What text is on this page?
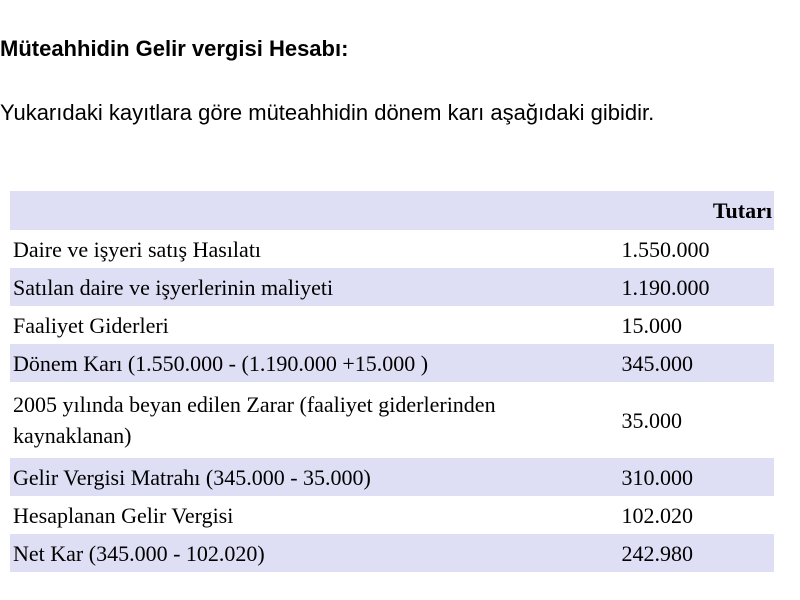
Müteahhidin Gelir vergisi Hesabı:
Yukarıdaki kayıtlara göre müteahhidin dönem karı aşağıdaki gibidir.
	Tutarı
Daire ve işyeri satış Hasılatı	1.550.000
Satılan daire ve işyerlerinin maliyeti	1.190.000
Faaliyet Giderleri	15.000
Dönem Karı (1.550.000 - (1.190.000 +15.000 )	345.000
2005 yılında beyan edilen Zarar (faaliyet giderlerinden kaynaklanan)	35.000
Gelir Vergisi Matrahı (345.000 - 35.000)	310.000
Hesaplanan Gelir Vergisi	102.020
Net Kar (345.000 - 102.020)	242.980
